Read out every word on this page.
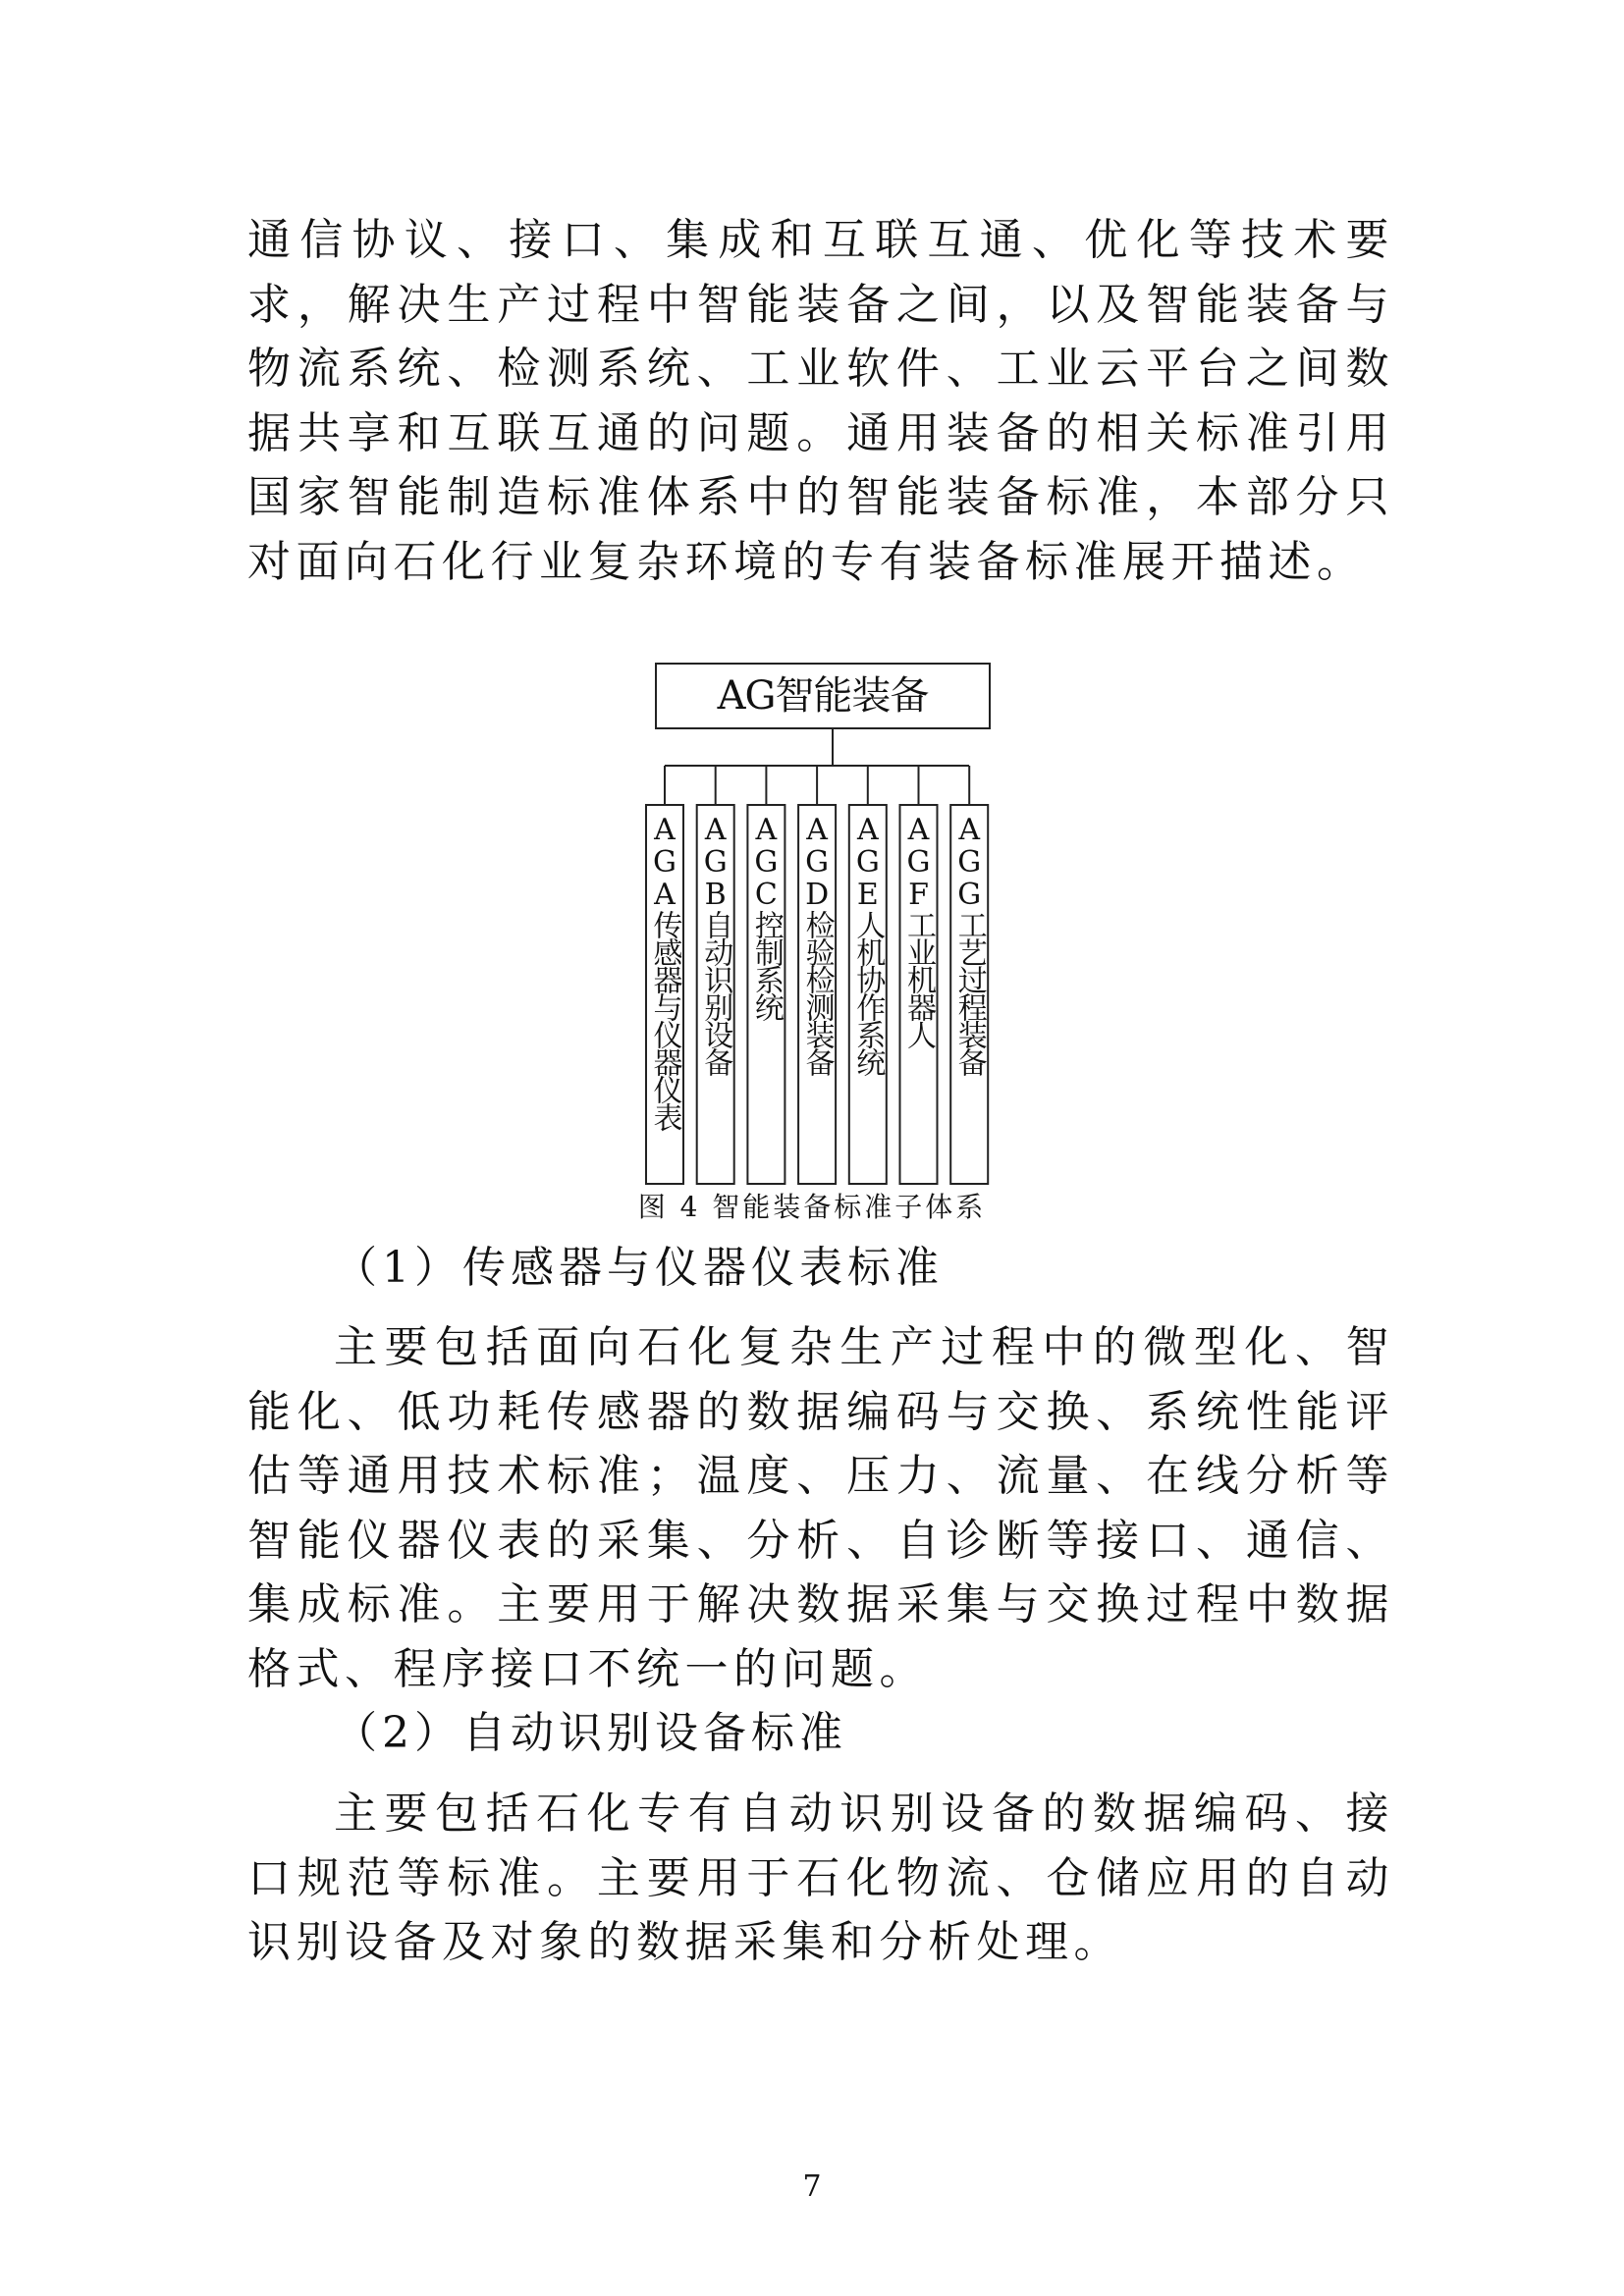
通信协议、接口、集成和互联互通、优化等技术要求，解决生产过程中智能装备之间，以及智能装备与物流系统、检测系统、工业软件、工业云平台之间数据共享和互联互通的问题。通用装备的相关标准引用国家智能制造标准体系中的智能装备标准，本部分只对面向石化行业复杂环境的专有装备标准展开描述。

AG智能装备
AGA传感器与仪器仪表 AGB自动识别设备 AGC控制系统 AGD检验检测装备 AGE人机协作系统 AGF工业机器人 AGG工艺过程装备
图 4 智能装备标准子体系
（1）传感器与仪器仪表标准

主要包括面向石化复杂生产过程中的微型化、智能化、低功耗传感器的数据编码与交换、系统性能评估等通用技术标准；温度、压力、流量、在线分析等智能仪器仪表的采集、分析、自诊断等接口、通信、集成标准。主要用于解决数据采集与交换过程中数据格式、程序接口不统一的问题。

（2）自动识别设备标准

主要包括石化专有自动识别设备的数据编码、接口规范等标准。主要用于石化物流、仓储应用的自动识别设备及对象的数据采集和分析处理。

7
